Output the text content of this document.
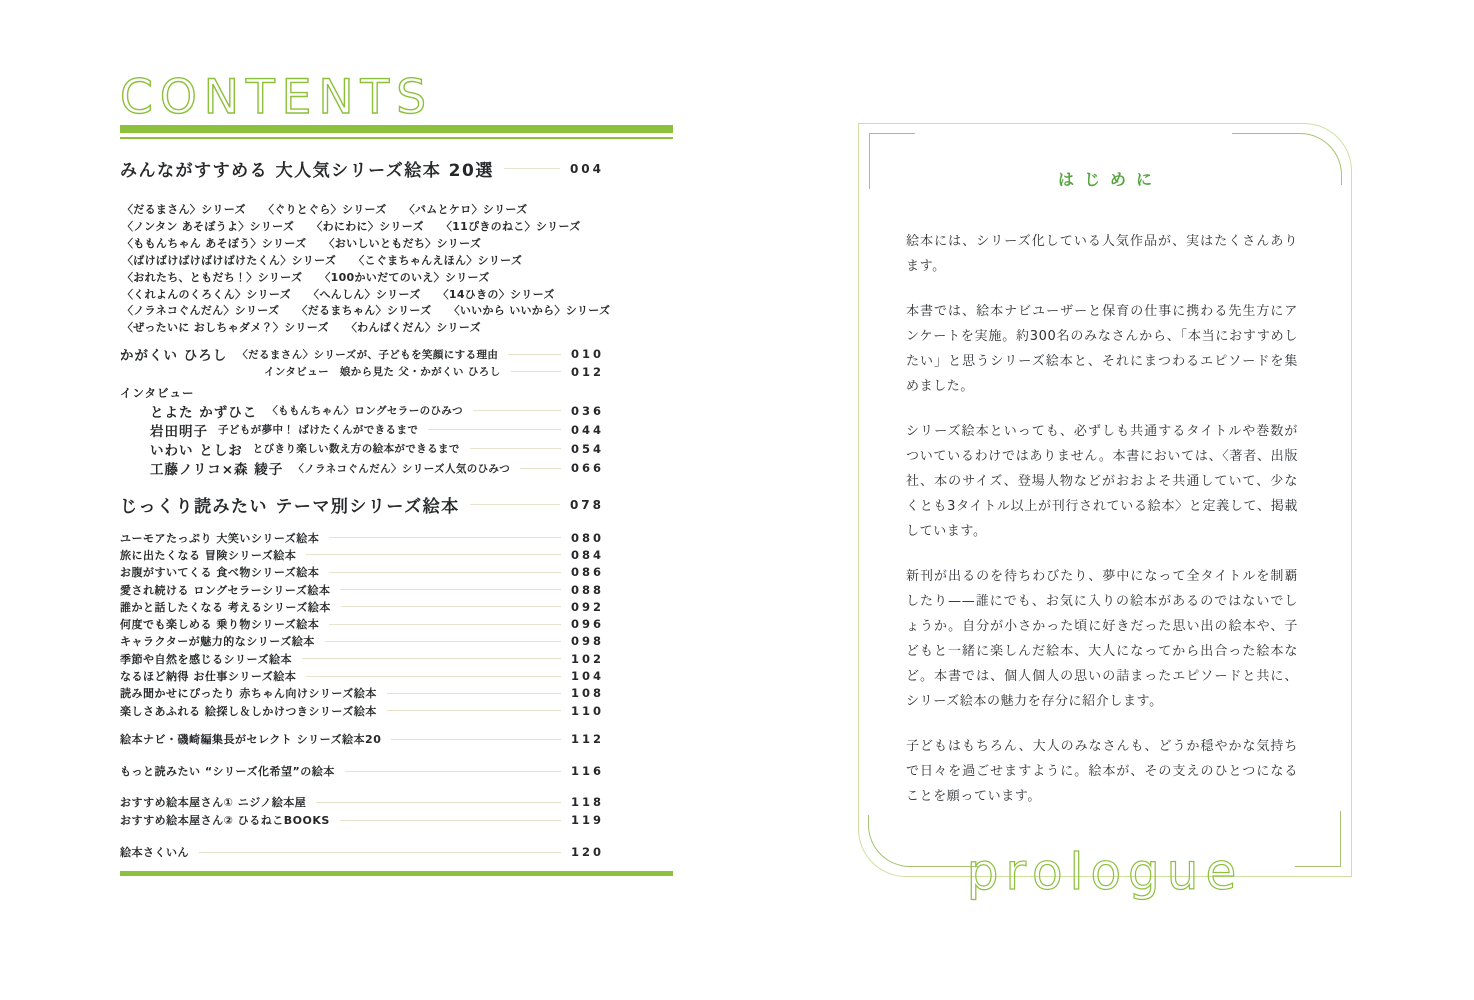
CONTENTS
みんながすすめる 大人気シリーズ絵本 20選	004
〈だるまさん〉シリーズ　　〈ぐりとぐら〉シリーズ　　〈バムとケロ〉シリーズ
〈ノンタン あそぼうよ〉シリーズ　　〈わにわに〉シリーズ　　〈11ぴきのねこ〉シリーズ
〈ももんちゃん あそぼう〉シリーズ　　〈おいしいともだち〉シリーズ
〈ばけばけばけばけばけたくん〉シリーズ　　〈こぐまちゃんえほん〉シリーズ
〈おれたち、ともだち！〉シリーズ　　〈100かいだてのいえ〉シリーズ
〈くれよんのくろくん〉シリーズ　　〈へんしん〉シリーズ　　〈14ひきの〉シリーズ
〈ノラネコぐんだん〉シリーズ　　〈だるまちゃん〉シリーズ　　〈いいから いいから〉シリーズ
〈ぜったいに おしちゃダメ？〉シリーズ　　〈わんぱくだん〉シリーズ
かがくい ひろし 〈だるまさん〉シリーズが、子どもを笑顔にする理由	010
インタビュー　娘から見た 父・かがくい ひろし	012
インタビュー
とよた かずひこ 〈ももんちゃん〉ロングセラーのひみつ	036
岩田明子 子どもが夢中！ ばけたくんができるまで	044
いわい としお とびきり楽しい数え方の絵本ができるまで	054
工藤ノリコ×森 綾子 〈ノラネコぐんだん〉シリーズ人気のひみつ	066
じっくり読みたい テーマ別シリーズ絵本	078
ユーモアたっぷり 大笑いシリーズ絵本	080
旅に出たくなる 冒険シリーズ絵本	084
お腹がすいてくる 食べ物シリーズ絵本	086
愛され続ける ロングセラーシリーズ絵本	088
誰かと話したくなる 考えるシリーズ絵本	092
何度でも楽しめる 乗り物シリーズ絵本	096
キャラクターが魅力的なシリーズ絵本	098
季節や自然を感じるシリーズ絵本	102
なるほど納得 お仕事シリーズ絵本	104
読み聞かせにぴったり 赤ちゃん向けシリーズ絵本	108
楽しさあふれる 絵探し＆しかけつきシリーズ絵本	110
絵本ナビ・磯崎編集長がセレクト シリーズ絵本20	112
もっと読みたい “シリーズ化希望”の絵本	116
おすすめ絵本屋さん① ニジノ絵本屋	118
おすすめ絵本屋さん② ひるねこBOOKS	119
絵本さくいん	120
はじめに

絵本には、シリーズ化している人気作品が、実はたくさんあります。

本書では、絵本ナビユーザーと保育の仕事に携わる先生方にアンケートを実施。約300名のみなさんから、「本当におすすめしたい」と思うシリーズ絵本と、それにまつわるエピソードを集めました。

シリーズ絵本といっても、必ずしも共通するタイトルや巻数がついているわけではありません。本書においては、〈著者、出版社、本のサイズ、登場人物などがおおよそ共通していて、少なくとも3タイトル以上が刊行されている絵本〉と定義して、掲載しています。

新刊が出るのを待ちわびたり、夢中になって全タイトルを制覇したり——誰にでも、お気に入りの絵本があるのではないでしょうか。自分が小さかった頃に好きだった思い出の絵本や、子どもと一緒に楽しんだ絵本、大人になってから出合った絵本など。本書では、個人個人の思いの詰まったエピソードと共に、シリーズ絵本の魅力を存分に紹介します。

子どもはもちろん、大人のみなさんも、どうか穏やかな気持ちで日々を過ごせますように。絵本が、その支えのひとつになることを願っています。

prologue
